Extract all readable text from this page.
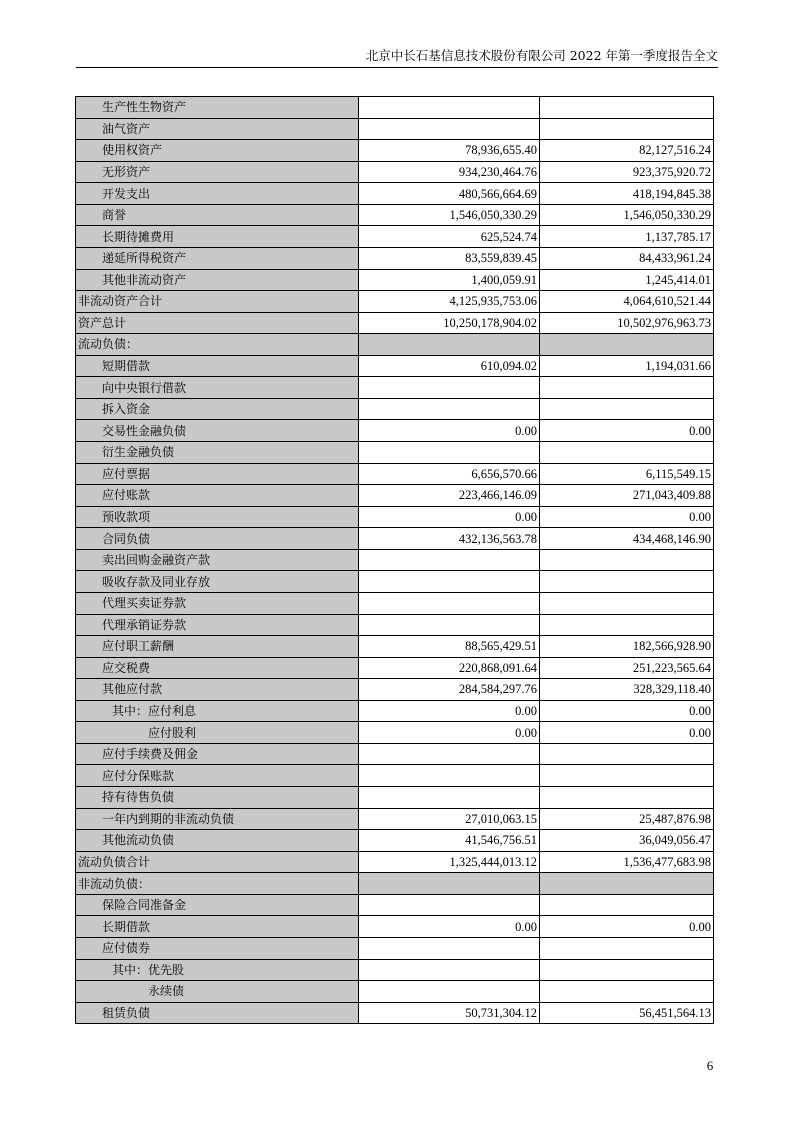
北京中长石基信息技术股份有限公司 2022 年第一季度报告全文
生产性生物资产		
油气资产		
使用权资产	78,936,655.40	82,127,516.24
无形资产	934,230,464.76	923,375,920.72
开发支出	480,566,664.69	418,194,845.38
商誉	1,546,050,330.29	1,546,050,330.29
长期待摊费用	625,524.74	1,137,785.17
递延所得税资产	83,559,839.45	84,433,961.24
其他非流动资产	1,400,059.91	1,245,414.01
非流动资产合计	4,125,935,753.06	4,064,610,521.44
资产总计	10,250,178,904.02	10,502,976,963.73
流动负债：		
短期借款	610,094.02	1,194,031.66
向中央银行借款		
拆入资金		
交易性金融负债	0.00	0.00
衍生金融负债		
应付票据	6,656,570.66	6,115,549.15
应付账款	223,466,146.09	271,043,409.88
预收款项	0.00	0.00
合同负债	432,136,563.78	434,468,146.90
卖出回购金融资产款		
吸收存款及同业存放		
代理买卖证券款		
代理承销证券款		
应付职工薪酬	88,565,429.51	182,566,928.90
应交税费	220,868,091.64	251,223,565.64
其他应付款	284,584,297.76	328,329,118.40
其中：应付利息	0.00	0.00
应付股利	0.00	0.00
应付手续费及佣金		
应付分保账款		
持有待售负债		
一年内到期的非流动负债	27,010,063.15	25,487,876.98
其他流动负债	41,546,756.51	36,049,056.47
流动负债合计	1,325,444,013.12	1,536,477,683.98
非流动负债：		
保险合同准备金		
长期借款	0.00	0.00
应付债券		
其中：优先股		
永续债		
租赁负债	50,731,304.12	56,451,564.13
6
